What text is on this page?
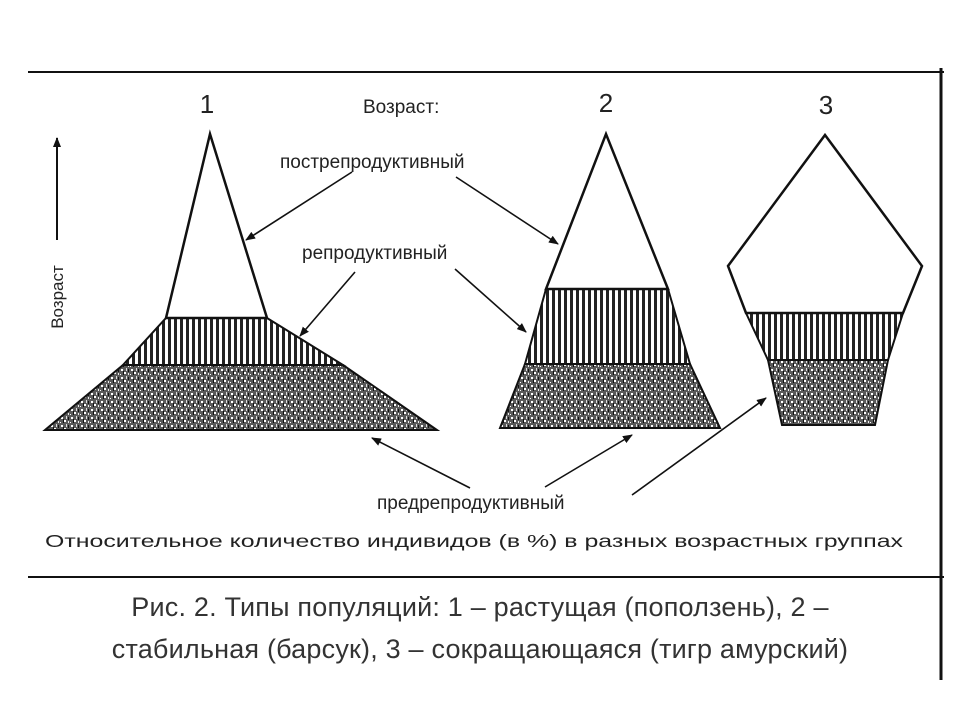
1	2	3
Возраст:
пострепродуктивный
репродуктивный
предрепродуктивный
Относительное количество индивидов (в %) в разных возрастных группах
Возраст
Рис. 2. Типы популяций: 1 – растущая (поползень), 2 –
стабильная (барсук), 3 – сокращающаяся (тигр амурский)
